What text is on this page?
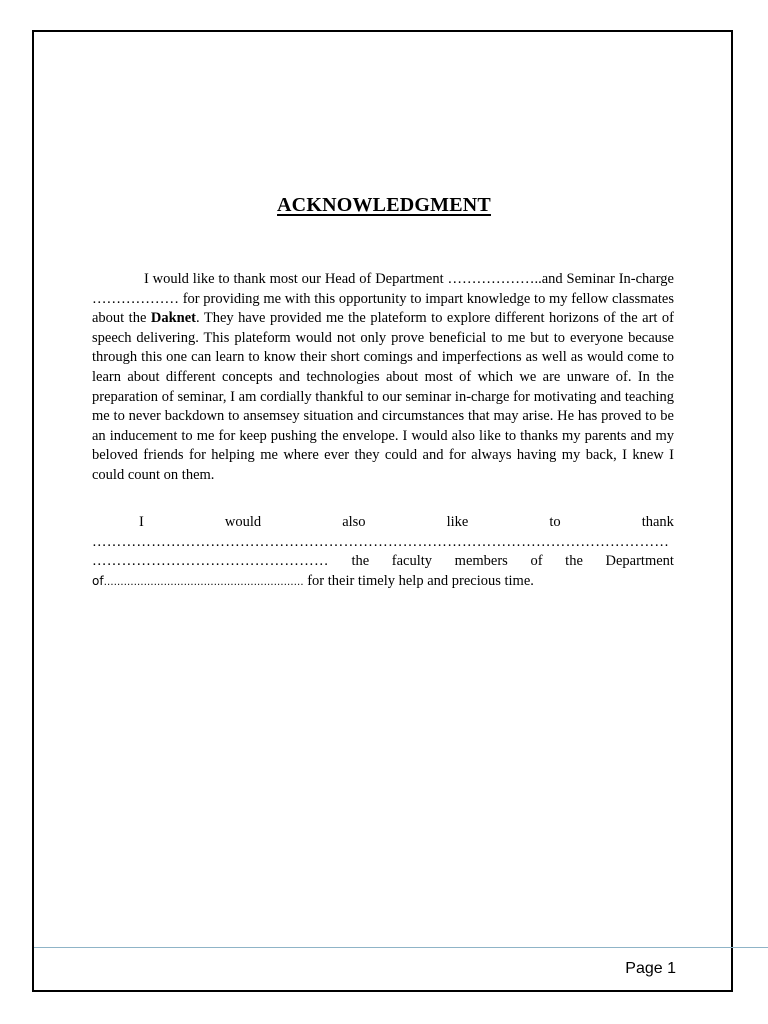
ACKNOWLEDGMENT

I would like to thank most our Head of Department ………………..and Seminar In-charge ……………… for providing me with this opportunity to impart knowledge to my fellow classmates about the Daknet. They have provided me the plateform to explore different horizons of the art of speech delivering. This plateform would not only prove beneficial to me but to everyone because through this one can learn to know their short comings and imperfections as well as would come to learn about different concepts and technologies about most of which we are unware of. In the preparation of seminar, I am cordially thankful to our seminar in-charge for motivating and teaching me to never backdown to ansemsey situation and circumstances that may arise. He has proved to be an inducement to me for keep pushing the envelope. I would also like to thanks my parents and my beloved friends for helping me where ever they could and for always having my back, I knew I could count on them.

I	would	also	like	to	thank
………………………………………………………………………………………………………
………………………………………… the faculty members of the Department
of…………………………………………………… for their timely help and precious time.
Page 1
